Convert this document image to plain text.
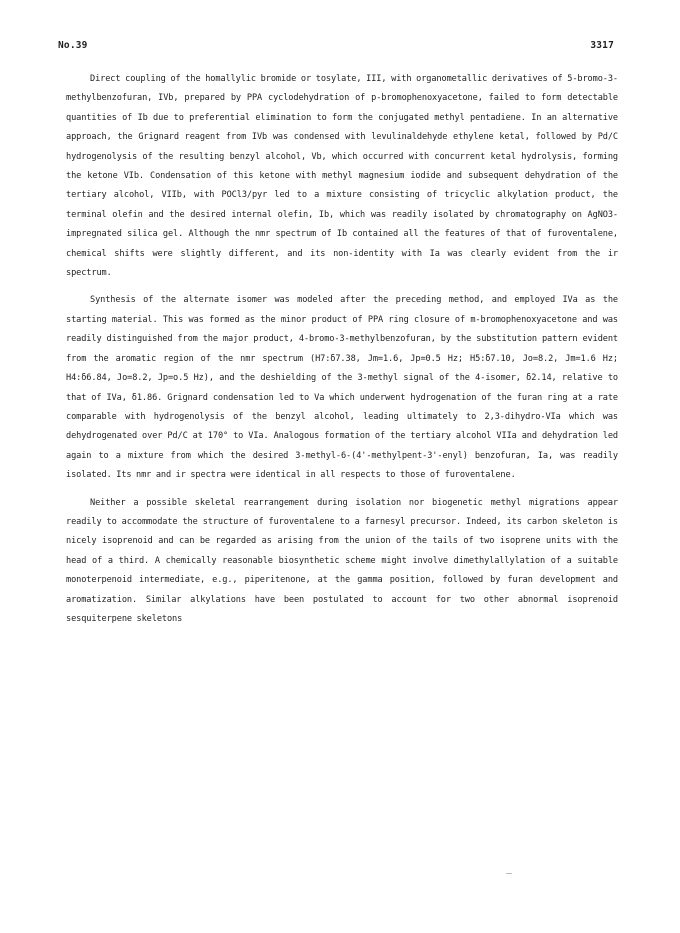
No.39	3317

Direct coupling of the homallylic bromide or tosylate, III, with organometallic derivatives of 5-bromo-3-methylbenzofuran, IVb, prepared by PPA cyclodehydration of p-bromophenoxyacetone, failed to form detectable quantities of Ib due to preferential elimination to form the conjugated methyl pentadiene. In an alternative approach, the Grignard reagent from IVb was condensed with levulinaldehyde ethylene ketal, followed by Pd/C hydrogenolysis of the resulting benzyl alcohol, Vb, which occurred with concurrent ketal hydrolysis, forming the ketone VIb. Condensation of this ketone with methyl magnesium iodide and subsequent dehydration of the tertiary alcohol, VIIb, with POCl3/pyr led to a mixture consisting of tricyclic alkylation product, the terminal olefin and the desired internal olefin, Ib, which was readily isolated by chromatography on AgNO3-impregnated silica gel. Although the nmr spectrum of Ib contained all the features of that of furoventalene, chemical shifts were slightly different, and its non-identity with Ia was clearly evident from the ir spectrum.

Synthesis of the alternate isomer was modeled after the preceding method, and employed IVa as the starting material. This was formed as the minor product of PPA ring closure of m-bromophenoxyacetone and was readily distinguished from the major product, 4-bromo-3-methylbenzofuran, by the substitution pattern evident from the aromatic region of the nmr spectrum (H7:δ7.38, Jm=1.6, Jp=0.5 Hz; H5:δ7.10, Jo=8.2, Jm=1.6 Hz; H4:δ6.84, Jo=8.2, Jp=o.5 Hz), and the deshielding of the 3-methyl signal of the 4-isomer, δ2.14, relative to that of IVa, δ1.86. Grignard condensation led to Va which underwent hydrogenation of the furan ring at a rate comparable with hydrogenolysis of the benzyl alcohol, leading ultimately to 2,3-dihydro-VIa which was dehydrogenated over Pd/C at 170° to VIa. Analogous formation of the tertiary alcohol VIIa and dehydration led again to a mixture from which the desired 3-methyl-6-(4'-methylpent-3'-enyl) benzofuran, Ia, was readily isolated. Its nmr and ir spectra were identical in all respects to those of furoventalene.

Neither a possible skeletal rearrangement during isolation nor biogenetic methyl migrations appear readily to accommodate the structure of furoventalene to a farnesyl precursor. Indeed, its carbon skeleton is nicely isoprenoid and can be regarded as arising from the union of the tails of two isoprene units with the head of a third. A chemically reasonable biosynthetic scheme might involve dimethylallylation of a suitable monoterpenoid intermediate, e.g., piperitenone, at the gamma position, followed by furan development and aromatization. Similar alkylations have been postulated to account for two other abnormal isoprenoid sesquiterpene skeletons
